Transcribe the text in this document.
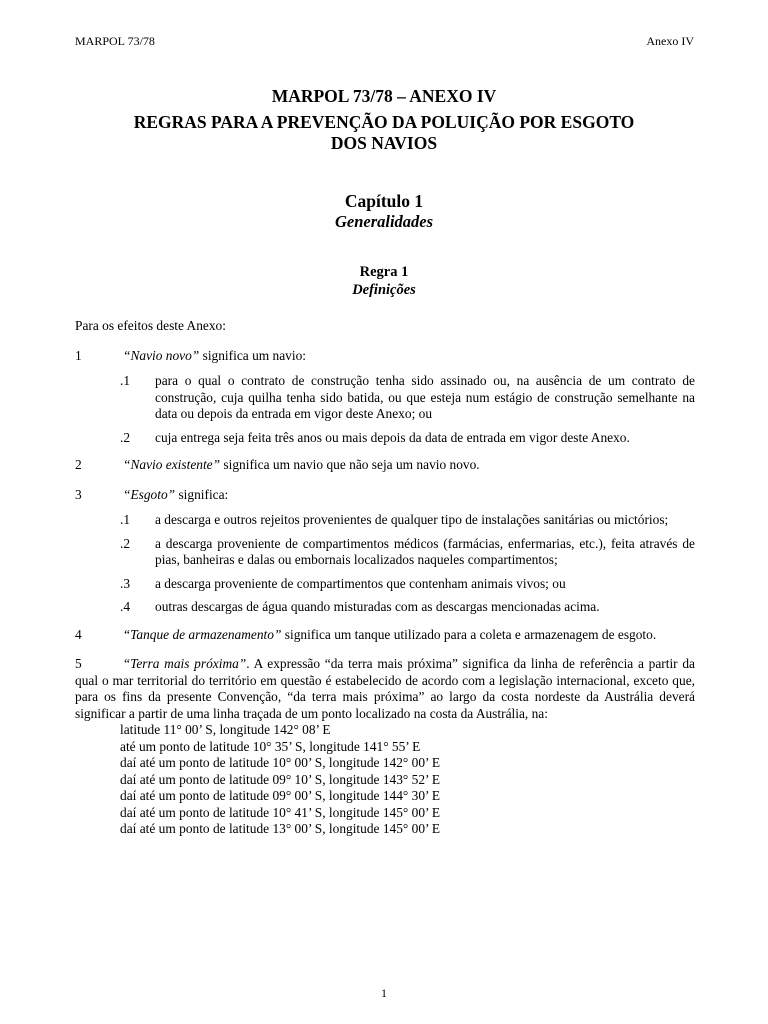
MARPOL 73/78	Anexo IV
MARPOL 73/78 – ANEXO IV
REGRAS PARA A PREVENÇÃO DA POLUIÇÃO POR ESGOTO
DOS NAVIOS
Capítulo 1
Generalidades
Regra 1
Definições

Para os efeitos deste Anexo:

1	“Navio novo” significa um navio:

.1	para o qual o contrato de construção tenha sido assinado ou, na ausência de um contrato de construção, cuja quilha tenha sido batida, ou que esteja num estágio de construção semelhante na data ou depois da entrada em vigor deste Anexo; ou
.2	cuja entrega seja feita três anos ou mais depois da data de entrada em vigor deste Anexo.

2	“Navio existente” significa um navio que não seja um navio novo.

3	“Esgoto” significa:

.1	a descarga e outros rejeitos provenientes de qualquer tipo de instalações sanitárias ou mictórios;
.2	a descarga proveniente de compartimentos médicos (farmácias, enfermarias, etc.), feita através de pias, banheiras e dalas ou embornais localizados naqueles compartimentos;
.3	a descarga proveniente de compartimentos que contenham animais vivos; ou
.4	outras descargas de água quando misturadas com as descargas mencionadas acima.

4	“Tanque de armazenamento” significa um tanque utilizado para a coleta e armazenagem de esgoto.

5	“Terra mais próxima”. A expressão “da terra mais próxima” significa da linha de referência a partir da qual o mar territorial do território em questão é estabelecido de acordo com a legislação internacional, exceto que, para os fins da presente Convenção, “da terra mais próxima” ao largo da costa nordeste da Austrália deverá significar a partir de uma linha traçada de um ponto localizado na costa da Austrália, na:

latitude 11° 00’ S, longitude 142° 08’ E
até um ponto de latitude 10° 35’ S, longitude 141° 55’ E
daí até um ponto de latitude 10° 00’ S, longitude 142° 00’ E
daí até um ponto de latitude 09° 10’ S, longitude 143° 52’ E
daí até um ponto de latitude 09° 00’ S, longitude 144° 30’ E
daí até um ponto de latitude 10° 41’ S, longitude 145° 00’ E
daí até um ponto de latitude 13° 00’ S, longitude 145° 00’ E
1
